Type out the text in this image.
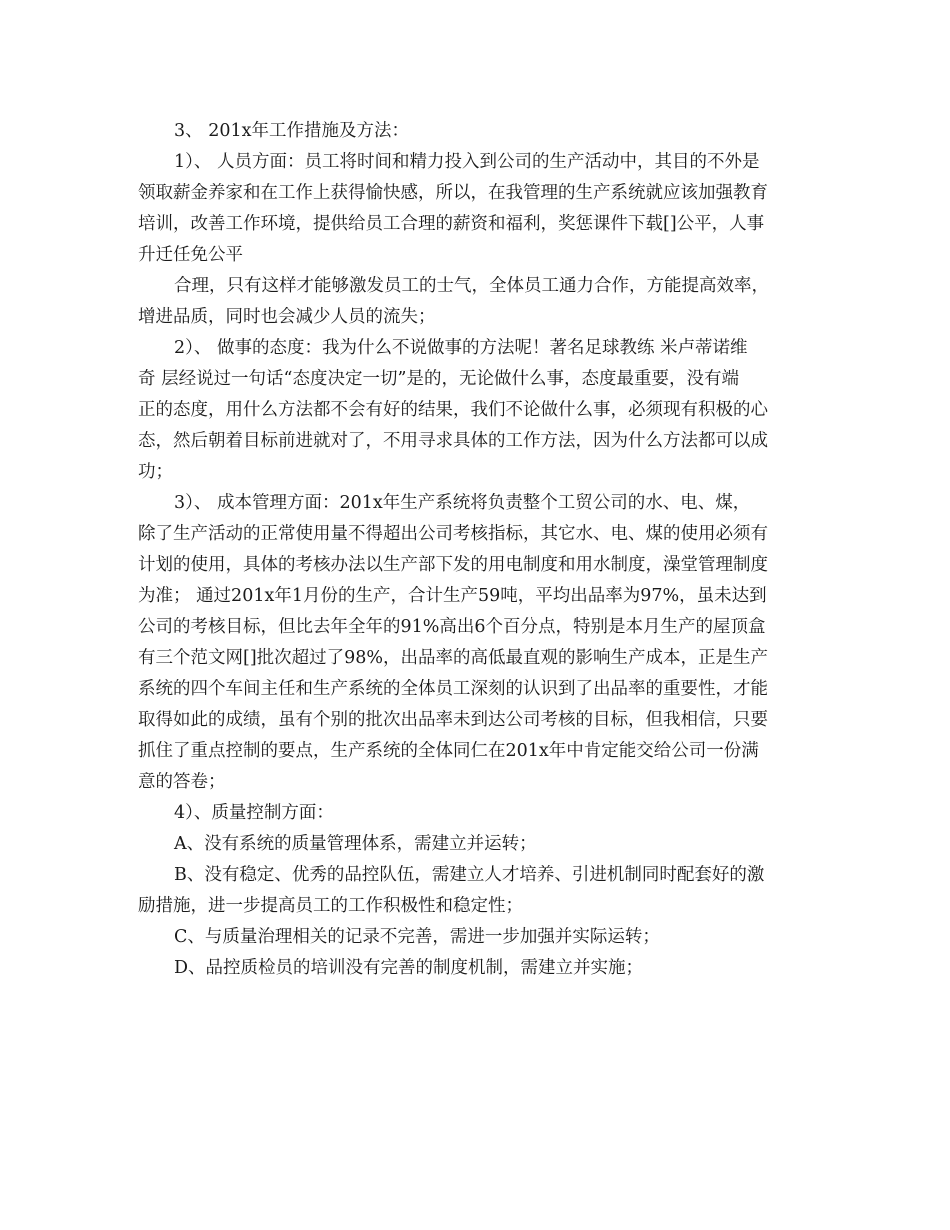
3、 201x年工作措施及方法：
1）、 人员方面：员工将时间和精力投入到公司的生产活动中，其目的不外是
领取薪金养家和在工作上获得愉快感，所以，在我管理的生产系统就应该加强教育
培训，改善工作环境，提供给员工合理的薪资和福利，奖惩课件下载[]公平，人事
升迁任免公平
合理，只有这样才能够激发员工的士气，全体员工通力合作，方能提高效率，
增进品质，同时也会减少人员的流失；
2）、 做事的态度：我为什么不说做事的方法呢！著名足球教练 米卢蒂诺维
奇 层经说过一句话“态度决定一切”是的，无论做什么事，态度最重要，没有端
正的态度，用什么方法都不会有好的结果，我们不论做什么事，必须现有积极的心
态，然后朝着目标前进就对了，不用寻求具体的工作方法，因为什么方法都可以成
功；
3）、 成本管理方面：201x年生产系统将负责整个工贸公司的水、电、煤，
除了生产活动的正常使用量不得超出公司考核指标，其它水、电、煤的使用必须有
计划的使用，具体的考核办法以生产部下发的用电制度和用水制度，澡堂管理制度
为准； 通过201x年1月份的生产，合计生产59吨，平均出品率为97%，虽未达到
公司的考核目标，但比去年全年的91%高出6个百分点，特别是本月生产的屋顶盒
有三个范文网[]批次超过了98%，出品率的高低最直观的影响生产成本，正是生产
系统的四个车间主任和生产系统的全体员工深刻的认识到了出品率的重要性，才能
取得如此的成绩，虽有个别的批次出品率未到达公司考核的目标，但我相信，只要
抓住了重点控制的要点，生产系统的全体同仁在201x年中肯定能交给公司一份满
意的答卷；
4）、质量控制方面：
A、没有系统的质量管理体系，需建立并运转；
B、没有稳定、优秀的品控队伍，需建立人才培养、引进机制同时配套好的激
励措施，进一步提高员工的工作积极性和稳定性；
C、与质量治理相关的记录不完善，需进一步加强并实际运转；
D、品控质检员的培训没有完善的制度机制，需建立并实施；
